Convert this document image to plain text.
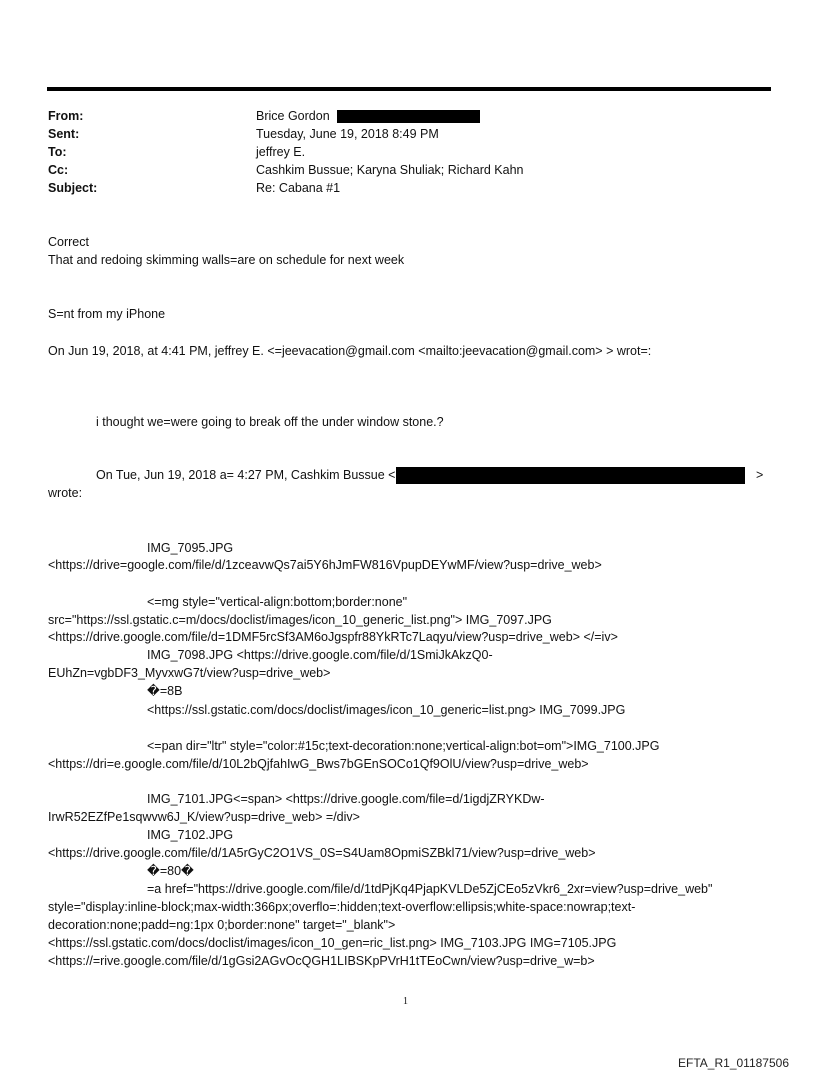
From:	Brice Gordon
Sent:	Tuesday, June 19, 2018 8:49 PM
To:	jeffrey E.
Cc:	Cashkim Bussue; Karyna Shuliak; Richard Kahn
Subject:	Re: Cabana #1
Correct
That and redoing skimming walls=are on schedule for next week
S=nt from my iPhone
On Jun 19, 2018, at 4:41 PM, jeffrey E. <=jeevacation@gmail.com <mailto:jeevacation@gmail.com> > wrot=:
i thought we=were going to break off the under window stone.?
On Tue, Jun 19, 2018 a= 4:27 PM, Cashkim Bussue <	>
wrote:
IMG_7095.JPG
<https://drive=google.com/file/d/1zceavwQs7ai5Y6hJmFW816VpupDEYwMF/view?usp=drive_web>
<=mg style="vertical-align:bottom;border:none"
src="https://ssl.gstatic.c=m/docs/doclist/images/icon_10_generic_list.png"> IMG_7097.JPG
<https://drive.google.com/file/d=1DMF5rcSf3AM6oJgspfr88YkRTc7Laqyu/view?usp=drive_web> </=iv>
IMG_7098.JPG <https://drive.google.com/file/d/1SmiJkAkzQ0-
EUhZn=vgbDF3_MyvxwG7t/view?usp=drive_web>
�=8B
<https://ssl.gstatic.com/docs/doclist/images/icon_10_generic=list.png> IMG_7099.JPG
<=pan dir="ltr" style="color:#15c;text-decoration:none;vertical-align:bot=om">IMG_7100.JPG
<https://dri=e.google.com/file/d/10L2bQjfahIwG_Bws7bGEnSOCo1Qf9OlU/view?usp=drive_web>
IMG_7101.JPG<=span> <https://drive.google.com/file=d/1igdjZRYKDw-
IrwR52EZfPe1sqwvw6J_K/view?usp=drive_web> =/div>
IMG_7102.JPG
<https://drive.google.com/file/d/1A5rGyC2O1VS_0S=S4Uam8OpmiSZBkl71/view?usp=drive_web>
�=80�
=a href="https://drive.google.com/file/d/1tdPjKq4PjapKVLDe5ZjCEo5zVkr6_2xr=view?usp=drive_web"
style="display:inline-block;max-width:366px;overflo=:hidden;text-overflow:ellipsis;white-space:nowrap;text-
decoration:none;padd=ng:1px 0;border:none" target="_blank">
<https://ssl.gstatic.com/docs/doclist/images/icon_10_gen=ric_list.png> IMG_7103.JPG IMG=7105.JPG
<https://=rive.google.com/file/d/1gGsi2AGvOcQGH1LIBSKpPVrH1tTEoCwn/view?usp=drive_w=b>
1
EFTA_R1_01187506
